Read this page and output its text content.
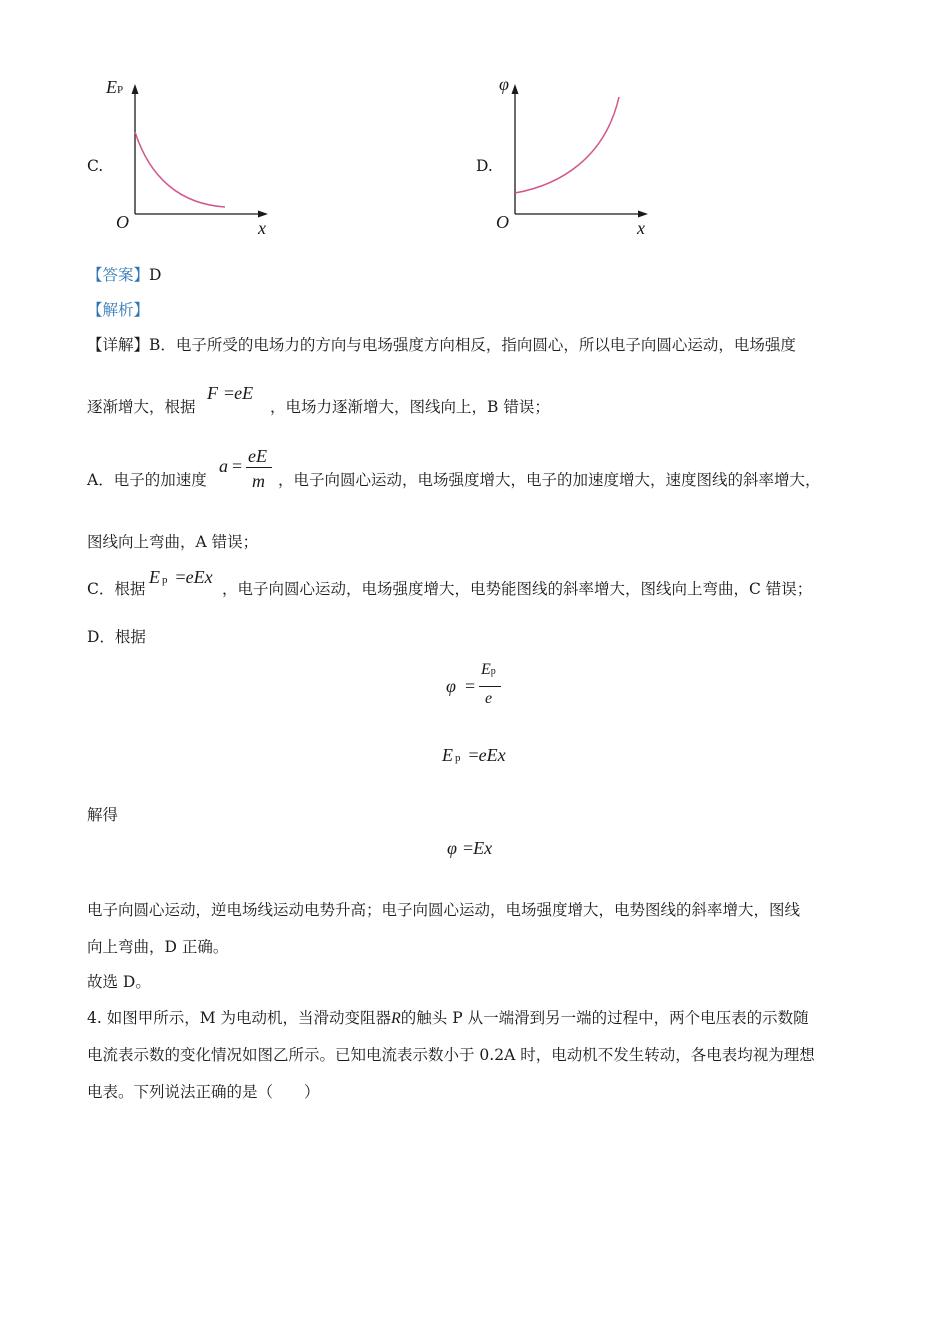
C.
EP
O	x
D.
φ
O	x
【答案】D
【解析】
【详解】B．电子所受的电场力的方向与电场强度方向相反，指向圆心，所以电子向圆心运动，电场强度
逐渐增大，根据
F =eE
，电场力逐渐增大，图线向上，B 错误；
A．电子的加速度
a = eE
m ，电子向圆心运动，电场强度增大，电子的加速度增大，速度图线的斜率增大，
图线向上弯曲，A 错误；
C．根据
Ep =eEx
，电子向圆心运动，电场强度增大，电势能图线的斜率增大，图线向上弯曲，C 错误；
D．根据
φ =
Ep
e
Ep =eEx
解得
φ =Ex
电子向圆心运动，逆电场线运动电势升高；电子向圆心运动，电场强度增大，电势图线的斜率增大，图线
向上弯曲，D 正确。
故选 D。
4. 如图甲所示，M 为电动机，当滑动变阻器R的触头 P 从一端滑到另一端的过程中，两个电压表的示数随
电流表示数的变化情况如图乙所示。已知电流表示数小于 0.2A 时，电动机不发生转动，各电表均视为理想
电表。下列说法正确的是（　　）
